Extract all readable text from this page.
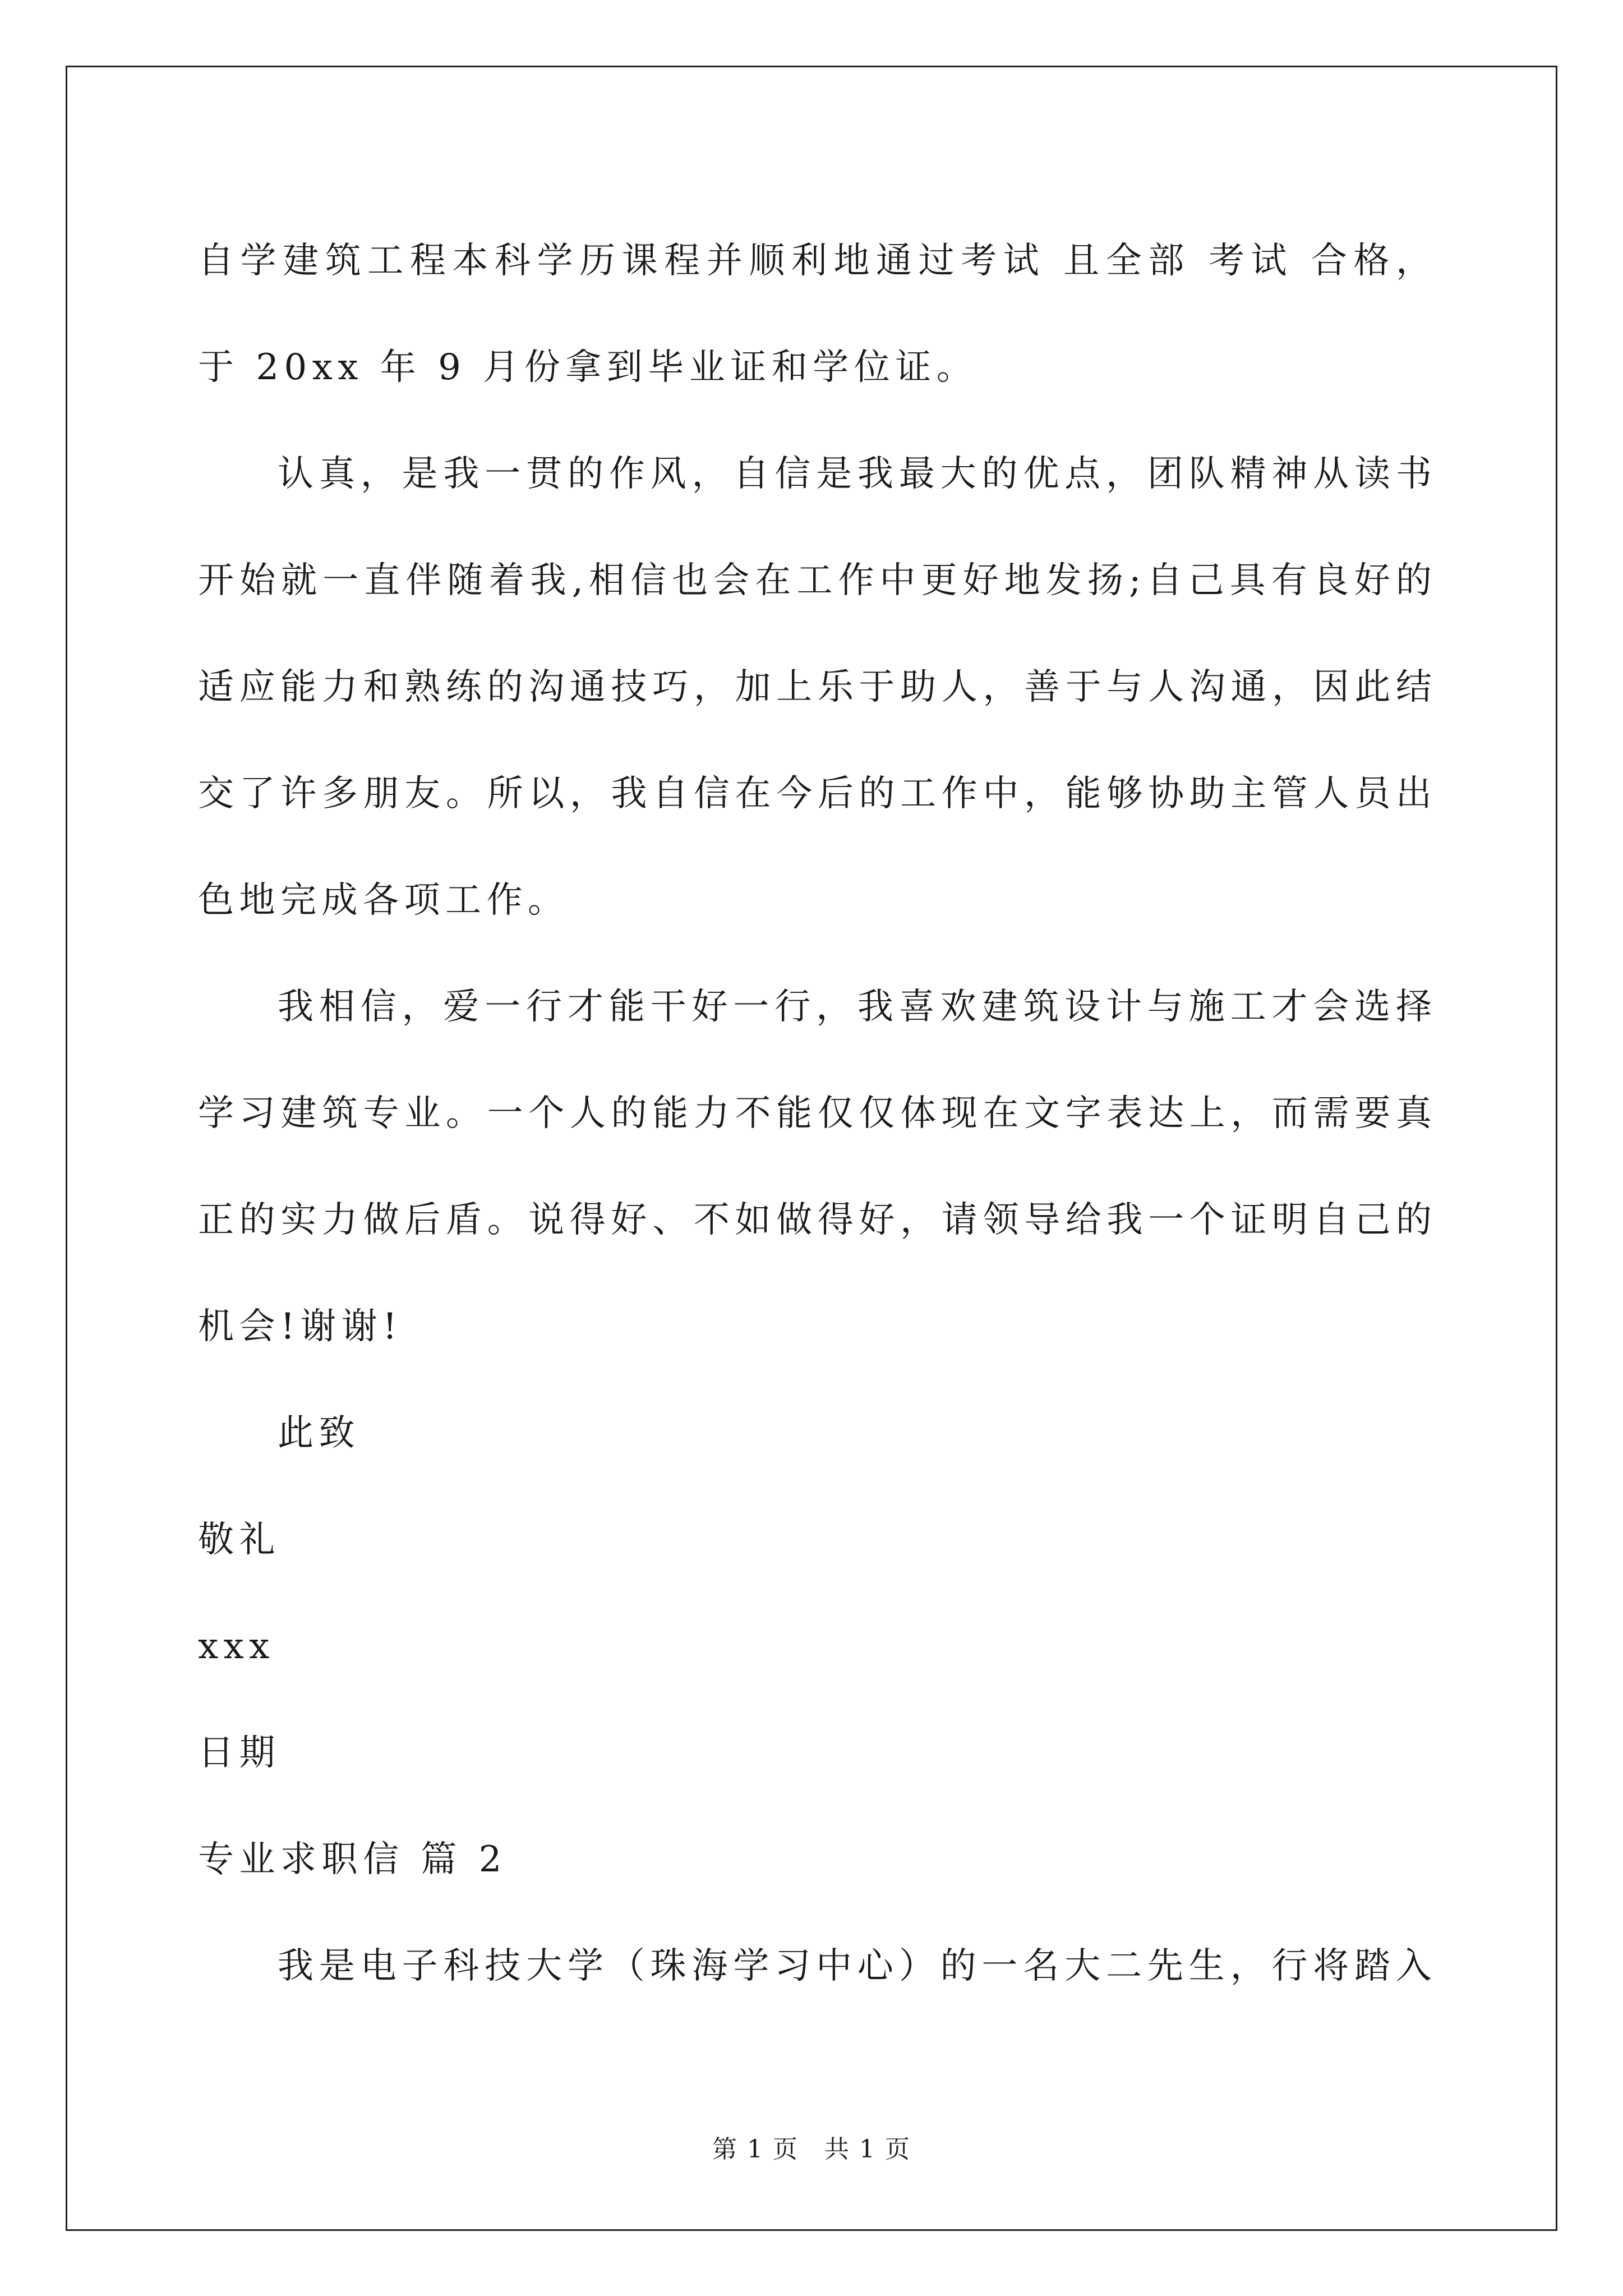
自学建筑工程本科学历课程并顺利地通过考试 且全部 考试 合格，
于 20xx 年 9 月份拿到毕业证和学位证。
认真，是我一贯的作风，自信是我最大的优点，团队精神从读书
开始就一直伴随着我,相信也会在工作中更好地发扬;自己具有良好的
适应能力和熟练的沟通技巧，加上乐于助人，善于与人沟通，因此结
交了许多朋友。所以，我自信在今后的工作中，能够协助主管人员出
色地完成各项工作。
我相信，爱一行才能干好一行，我喜欢建筑设计与施工才会选择
学习建筑专业。一个人的能力不能仅仅体现在文字表达上，而需要真
正的实力做后盾。说得好、不如做得好，请领导给我一个证明自己的
机会!谢谢!
此致
敬礼
xxx
日期
专业求职信 篇 2
我是电子科技大学（珠海学习中心）的一名大二先生，行将踏入
第 1 页　共 1 页
